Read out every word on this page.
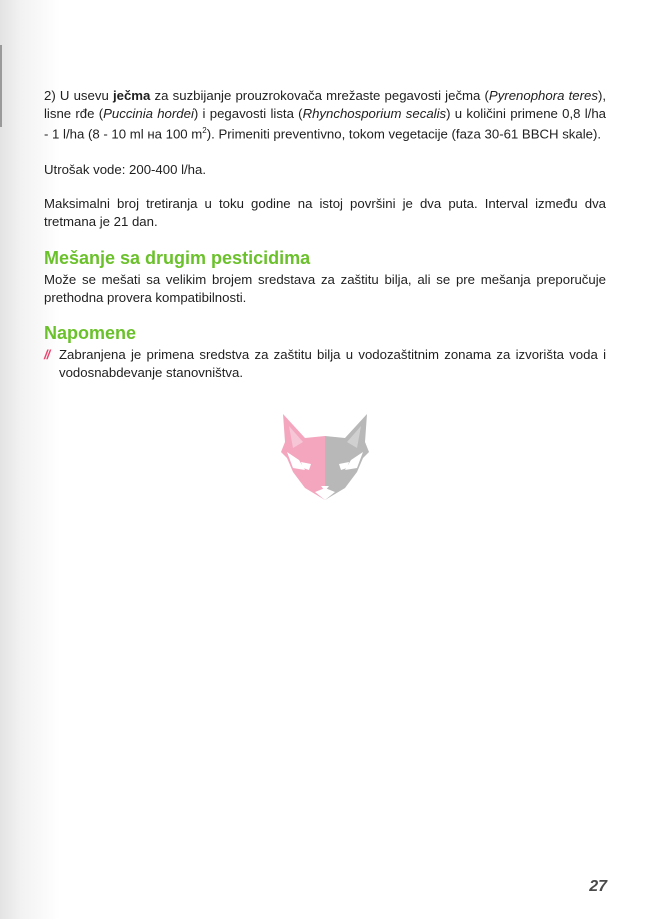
2) U usevu ječma za suzbijanje prouzrokovača mrežaste pegavosti ječma (Pyrenophora teres), lisne rđe (Puccinia hordei) i pegavosti lista (Rhynchosporium secalis) u količini primene 0,8 l/ha - 1 l/ha (8 - 10 ml на 100 $m^2$). Primeniti preventivno, tokom vegetacije (faza 30-61 BBCH skale).

Utrošak vode: 200-400 l/ha.

Maksimalni broj tretiranja u toku godine na istoj površini je dva puta. Interval između dva tretmana je 21 dan.

Mešanje sa drugim pesticidima

Može se mešati sa velikim brojem sredstava za zaštitu bilja, ali se pre mešanja preporučuje prethodna provera kompatibilnosti.

Napomene

// Zabranjena je primena sredstva za zaštitu bilja u vodozaštitnim zonama za izvorišta voda i vodosnabdevanje stanovništva.

27
